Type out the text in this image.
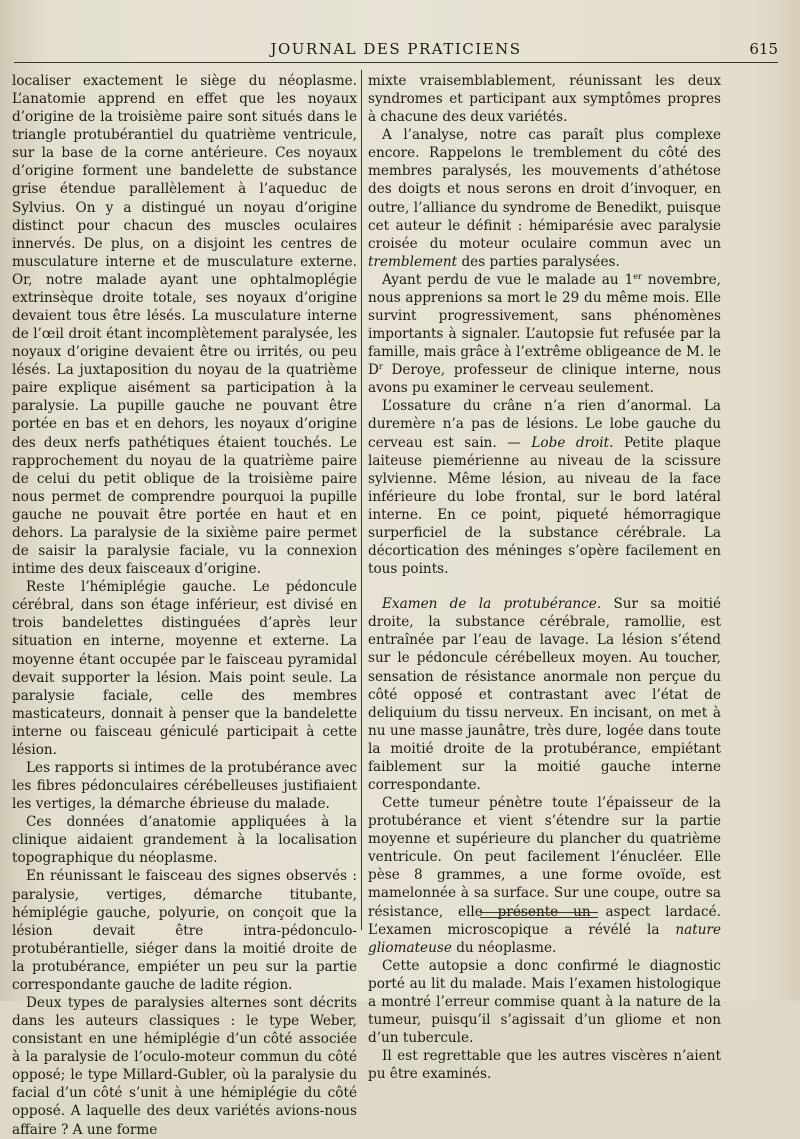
JOURNAL DES PRATICIENS	615

localiser exactement le siège du néoplasme. L’anatomie apprend en effet que les noyaux d’origine de la troisième paire sont situés dans le triangle protubérantiel du quatrième ventricule, sur la base de la corne antérieure. Ces noyaux d’origine forment une bandelette de substance grise étendue parallèlement à l’aqueduc de Sylvius. On y a distingué un noyau d’origine distinct pour chacun des muscles oculaires innervés. De plus, on a disjoint les centres de musculature interne et de musculature externe. Or, notre malade ayant une ophtalmoplégie extrinsèque droite totale, ses noyaux d’origine devaient tous être lésés. La musculature interne de l’œil droit étant incomplètement paralysée, les noyaux d’origine devaient être ou irrités, ou peu lésés. La juxtaposition du noyau de la quatrième paire explique aisément sa participation à la paralysie. La pupille gauche ne pouvant être portée en bas et en dehors, les noyaux d’origine des deux nerfs pathétiques étaient touchés. Le rapprochement du noyau de la quatrième paire de celui du petit oblique de la troisième paire nous permet de comprendre pourquoi la pupille gauche ne pouvait être portée en haut et en dehors. La paralysie de la sixième paire permet de saisir la paralysie faciale, vu la connexion intime des deux faisceaux d’origine.

Reste l’hémiplégie gauche. Le pédoncule cérébral, dans son étage inférieur, est divisé en trois bandelettes distinguées d’après leur situation en interne, moyenne et externe. La moyenne étant occupée par le faisceau pyramidal devait supporter la lésion. Mais point seule. La paralysie faciale, celle des membres masticateurs, donnait à penser que la bandelette interne ou faisceau géniculé participait à cette lésion.

Les rapports si intimes de la protubérance avec les fibres pédonculaires cérébelleuses justifiaient les vertiges, la démarche ébrieuse du malade.

Ces données d’anatomie appliquées à la clinique aidaient grandement à la localisation topographique du néoplasme.

En réunissant le faisceau des signes observés : paralysie, vertiges, démarche titubante, hémiplégie gauche, polyurie, on conçoit que la lésion devait être intra-pédonculo-protubérantielle, siéger dans la moitié droite de la protubérance, empiéter un peu sur la partie correspondante gauche de ladite région.

Deux types de paralysies alternes sont décrits dans les auteurs classiques : le type Weber, consistant en une hémiplégie d’un côté associée à la paralysie de l’oculo-moteur commun du côté opposé; le type Millard-Gubler, où la paralysie du facial d’un côté s’unit à une hémiplégie du côté opposé. A laquelle des deux variétés avions-nous affaire ? A une forme

mixte vraisemblablement, réunissant les deux syndromes et participant aux symptômes propres à chacune des deux variétés.

A l’analyse, notre cas paraît plus complexe encore. Rappelons le tremblement du côté des membres paralysés, les mouvements d’athétose des doigts et nous serons en droit d’invoquer, en outre, l’alliance du syndrome de Benedikt, puisque cet auteur le définit : hémiparésie avec paralysie croisée du moteur oculaire commun avec un tremblement des parties paralysées.

Ayant perdu de vue le malade au 1er novembre, nous apprenions sa mort le 29 du même mois. Elle survint progressivement, sans phénomènes importants à signaler. L’autopsie fut refusée par la famille, mais grâce à l’extrême obligeance de M. le $D^r$ Deroye, professeur de clinique interne, nous avons pu examiner le cerveau seulement.

L’ossature du crâne n’a rien d’anormal. La duremère n’a pas de lésions. Le lobe gauche du cerveau est sain. — Lobe droit. Petite plaque laiteuse piemérienne au niveau de la scissure sylvienne. Même lésion, au niveau de la face inférieure du lobe frontal, sur le bord latéral interne. En ce point, piqueté hémorragique surperficiel de la substance cérébrale. La décortication des méninges s’opère facilement en tous points.

Examen de la protubérance. Sur sa moitié droite, la substance cérébrale, ramollie, est entraînée par l’eau de lavage. La lésion s’étend sur le pédoncule cérébelleux moyen. Au toucher, sensation de résistance anormale non perçue du côté opposé et contrastant avec l’état de deliquium du tissu nerveux. En incisant, on met à nu une masse jaunâtre, très dure, logée dans toute la moitié droite de la protubérance, empiétant faiblement sur la moitié gauche interne correspondante.

Cette tumeur pénètre toute l’épaisseur de la protubérance et vient s’étendre sur la partie moyenne et supérieure du plancher du quatrième ventricule. On peut facilement l’énucléer. Elle pèse 8 grammes, a une forme ovoïde, est mamelonnée à sa surface. Sur une coupe, outre sa résistance, elle présente un aspect lardacé. L’examen microscopique a révélé la nature gliomateuse du néoplasme.

Cette autopsie a donc confirmé le diagnostic porté au lit du malade. Mais l’examen histologique a montré l’erreur commise quant à la nature de la tumeur, puisqu’il s’agissait d’un gliome et non d’un tubercule.

Il est regrettable que les autres viscères n’aient pu être examinés.
